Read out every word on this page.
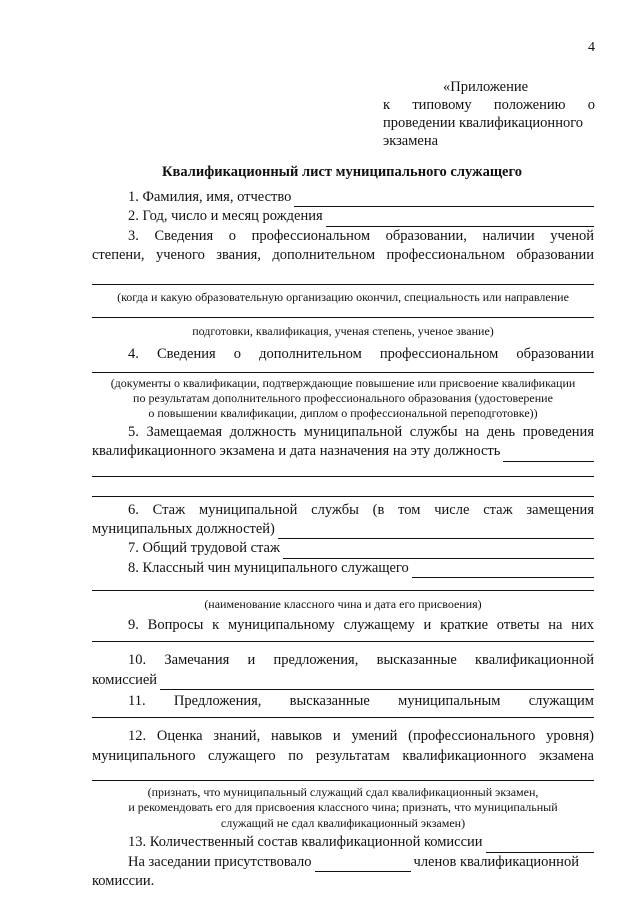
4
«Приложение
к типовому положению о
проведении квалификационного
экзамена
Квалификационный лист муниципального служащего
1. Фамилия, имя, отчество
2. Год, число и месяц рождения
3. Сведения о профессиональном образовании, наличии ученой
степени, ученого звания, дополнительном профессиональном образовании
(когда и какую образовательную организацию окончил, специальность или направление
подготовки, квалификация, ученая степень, ученое звание)
4. Сведения о дополнительном профессиональном образовании
(документы о квалификации, подтверждающие повышение или присвоение квалификации
по результатам дополнительного профессионального образования (удостоверение
о повышении квалификации, диплом о профессиональной переподготовке))
5. Замещаемая должность муниципальной службы на день проведения
квалификационного экзамена и дата назначения на эту должность
6. Стаж муниципальной службы (в том числе стаж замещения
муниципальных должностей)
7. Общий трудовой стаж
8. Классный чин муниципального служащего
(наименование классного чина и дата его присвоения)
9. Вопросы к муниципальному служащему и краткие ответы на них
10. Замечания и предложения, высказанные квалификационной
комиссией
11. Предложения, высказанные муниципальным служащим
12. Оценка знаний, навыков и умений (профессионального уровня)
муниципального служащего по результатам квалификационного экзамена
(признать, что муниципальный служащий сдал квалификационный экзамен,
и рекомендовать его для присвоения классного чина; признать, что муниципальный
служащий не сдал квалификационный экзамен)
13. Количественный состав квалификационной комиссии
На заседании присутствовало	членов квалификационной
комиссии.
